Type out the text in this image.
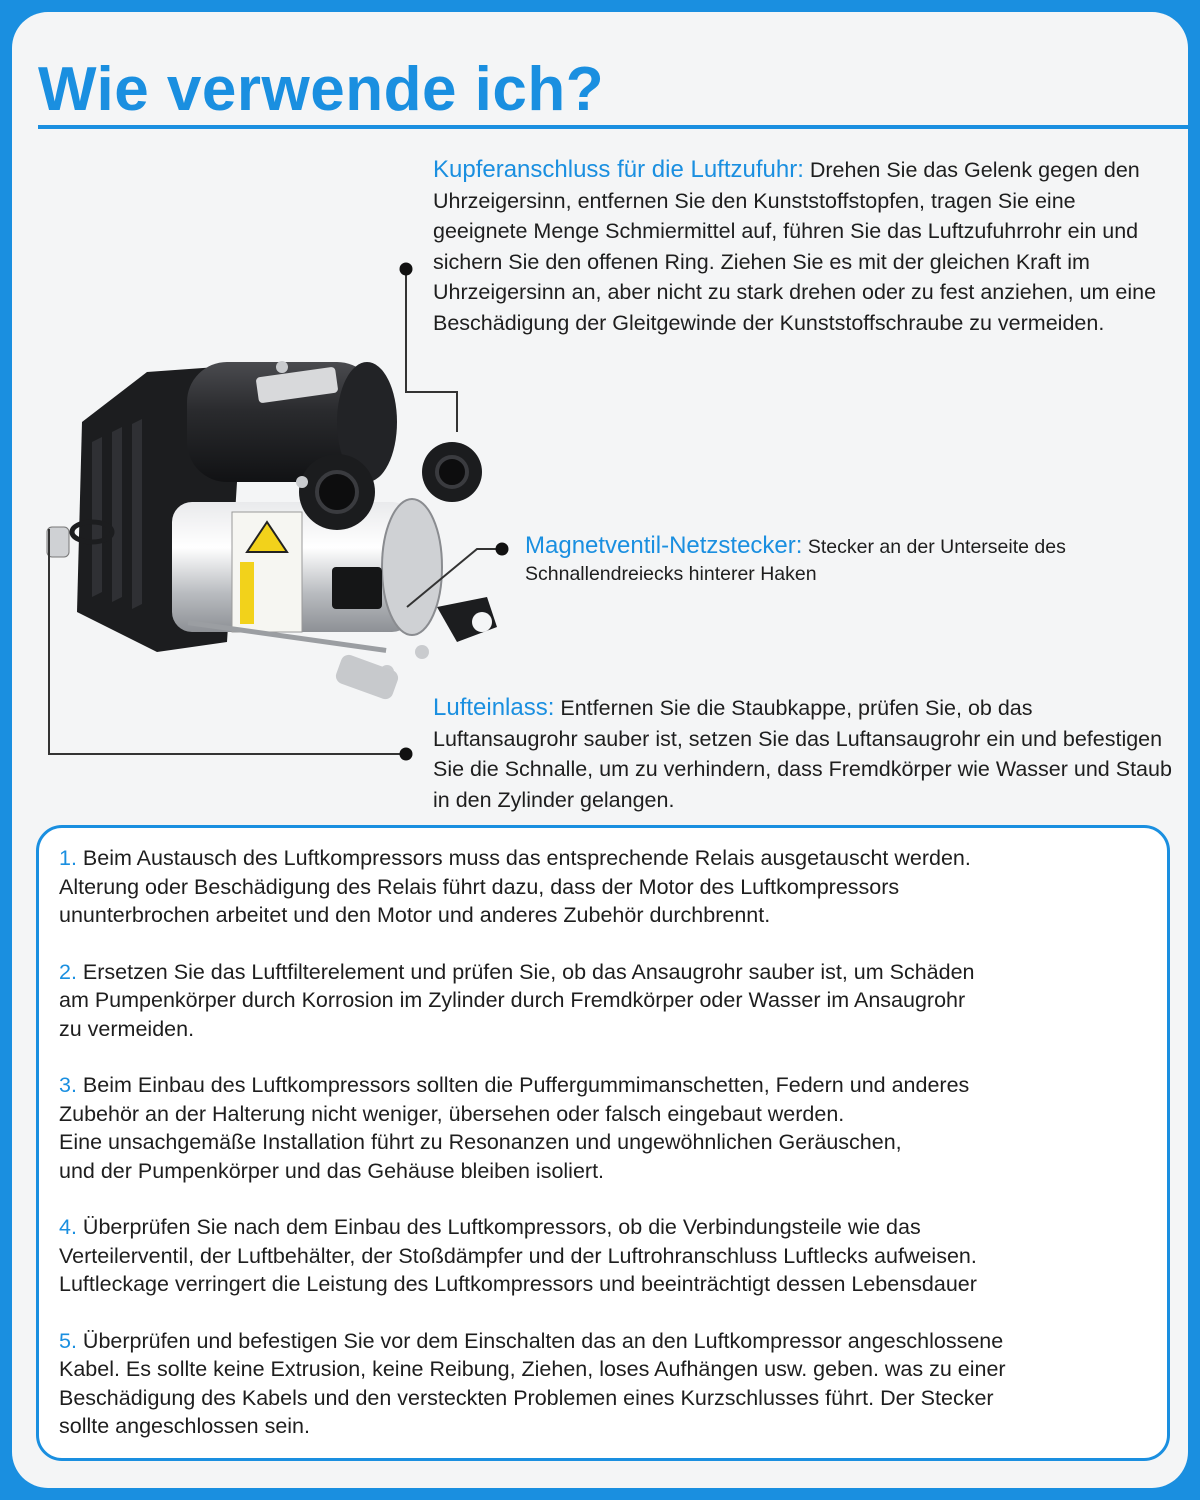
Wie verwende ich?

Kupferanschluss für die Luftzufuhr: Drehen Sie das Gelenk gegen den Uhrzeigersinn, entfernen Sie den Kunststoffstopfen, tragen Sie eine geeignete Menge Schmiermittel auf, führen Sie das Luftzufuhrrohr ein und sichern Sie den offenen Ring. Ziehen Sie es mit der gleichen Kraft im Uhrzeigersinn an, aber nicht zu stark drehen oder zu fest anziehen, um eine Beschädigung der Gleitgewinde der Kunststoffschraube zu vermeiden.

Magnetventil-Netzstecker: Stecker an der Unterseite des Schnallendreiecks hinterer Haken

Lufteinlass: Entfernen Sie die Staubkappe, prüfen Sie, ob das Luftansaugrohr sauber ist, setzen Sie das Luftansaugrohr ein und befestigen Sie die Schnalle, um zu verhindern, dass Fremdkörper wie Wasser und Staub in den Zylinder gelangen.

1. Beim Austausch des Luftkompressors muss das entsprechende Relais ausgetauscht werden.
Alterung oder Beschädigung des Relais führt dazu, dass der Motor des Luftkompressors
ununterbrochen arbeitet und den Motor und anderes Zubehör durchbrennt.
2. Ersetzen Sie das Luftfilterelement und prüfen Sie, ob das Ansaugrohr sauber ist, um Schäden
am Pumpenkörper durch Korrosion im Zylinder durch Fremdkörper oder Wasser im Ansaugrohr
zu vermeiden.
3. Beim Einbau des Luftkompressors sollten die Puffergummimanschetten, Federn und anderes
Zubehör an der Halterung nicht weniger, übersehen oder falsch eingebaut werden.
Eine unsachgemäße Installation führt zu Resonanzen und ungewöhnlichen Geräuschen,
und der Pumpenkörper und das Gehäuse bleiben isoliert.
4. Überprüfen Sie nach dem Einbau des Luftkompressors, ob die Verbindungsteile wie das
Verteilerventil, der Luftbehälter, der Stoßdämpfer und der Luftrohranschluss Luftlecks aufweisen.
Luftleckage verringert die Leistung des Luftkompressors und beeinträchtigt dessen Lebensdauer
5. Überprüfen und befestigen Sie vor dem Einschalten das an den Luftkompressor angeschlossene
Kabel. Es sollte keine Extrusion, keine Reibung, Ziehen, loses Aufhängen usw. geben. was zu einer
Beschädigung des Kabels und den versteckten Problemen eines Kurzschlusses führt. Der Stecker
sollte angeschlossen sein.
